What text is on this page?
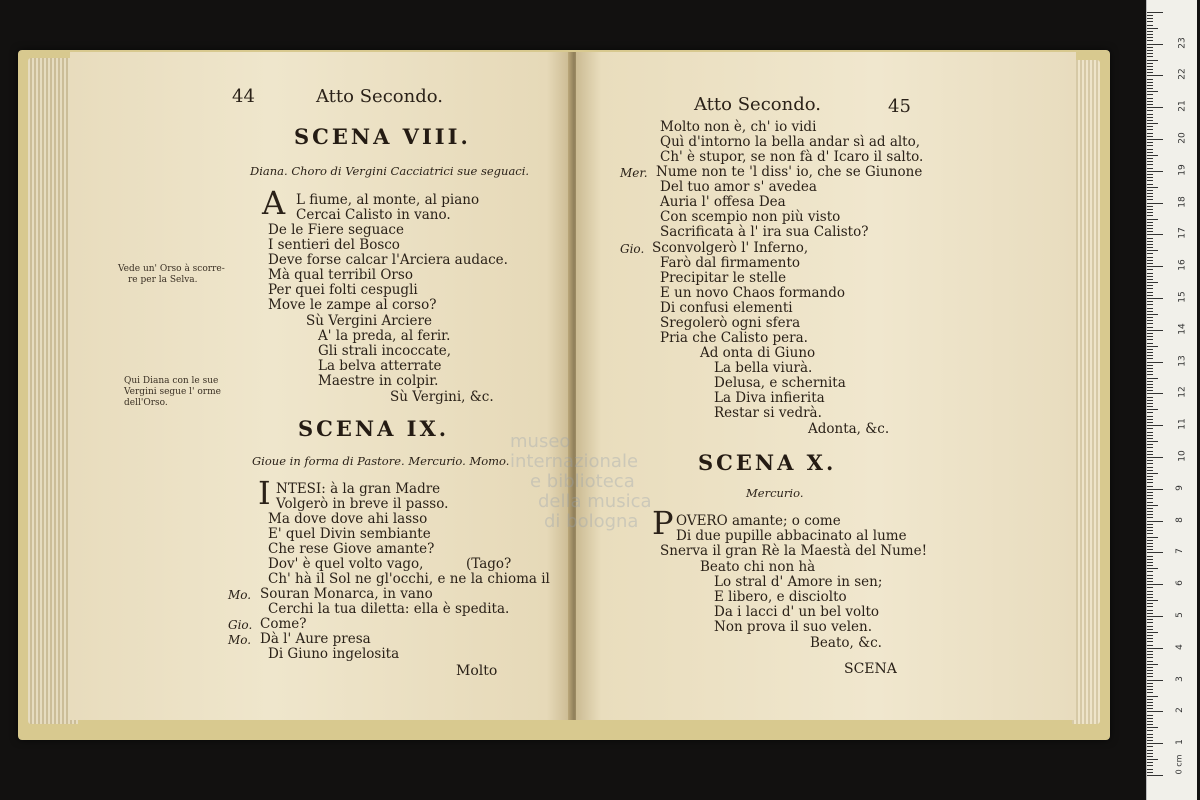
44	Atto Secondo.
SCENA VIII.
Diana. Choro di Vergini Cacciatrici sue seguaci.
A L fiume, al monte, al piano
Cercai Calisto in vano.
De le Fiere seguace
I sentieri del Bosco
Deve forse calcar l'Arciera audace.
Mà qual terribil Orso
Per quei folti cespugli
Move le zampe al corso?
Sù Vergini Arciere
A' la preda, al ferir.
Gli strali incoccate,
La belva atterrate
Maestre in colpir.
Sù Vergini, &c.
Vede un' Orso à scorre-
re per la Selva.
Qui Diana con le sue
Vergini segue l' orme
dell'Orso.
SCENA IX.
Gioue in forma di Pastore. Mercurio. Momo.
I NTESI: à la gran Madre
Volgerò in breve il passo.
Ma dove dove ahi lasso
E' quel Divin sembiante
Che rese Giove amante?
Dov' è quel volto vago,	(Tago?
Ch' hà il Sol ne gl'occhi, e ne la chioma il
Mo. Souran Monarca, in vano
Cerchi la tua diletta: ella è spedita.
Gio. Come?
Mo. Dà l' Aure presa
Di Giuno ingelosita
Molto
Atto Secondo.	45
Molto non è, ch' io vidi
Quì d'intorno la bella andar sì ad alto,
Ch' è stupor, se non fà d' Icaro il salto.
Mer. Nume non te 'l diss' io, che se Giunone
Del tuo amor s' avedea
Auria l' offesa Dea
Con scempio non più visto
Sacrificata à l' ira sua Calisto?
Gio. Sconvolgerò l' Inferno,
Farò dal firmamento
Precipitar le stelle
E un novo Chaos formando
Di confusi elementi
Sregolerò ogni sfera
Pria che Calisto pera.
Ad onta di Giuno
La bella viurà.
Delusa, e schernita
La Diva infierita
Restar si vedrà.
Adonta, &c.
SCENA X.
Mercurio.
P OVERO amante; o come
Di due pupille abbacinato al lume
Snerva il gran Rè la Maestà del Nume!
Beato chi non hà
Lo stral d' Amore in sen;
E libero, e disciolto
Da i lacci d' un bel volto
Non prova il suo velen.
Beato, &c.
SCENA
museo internazionale
e biblioteca
della musica
di bologna
0 cm
1
2
3
4
5
6
7
8
9
10
11
12
13
14
15
16
17
18
19
20
21
22
23
